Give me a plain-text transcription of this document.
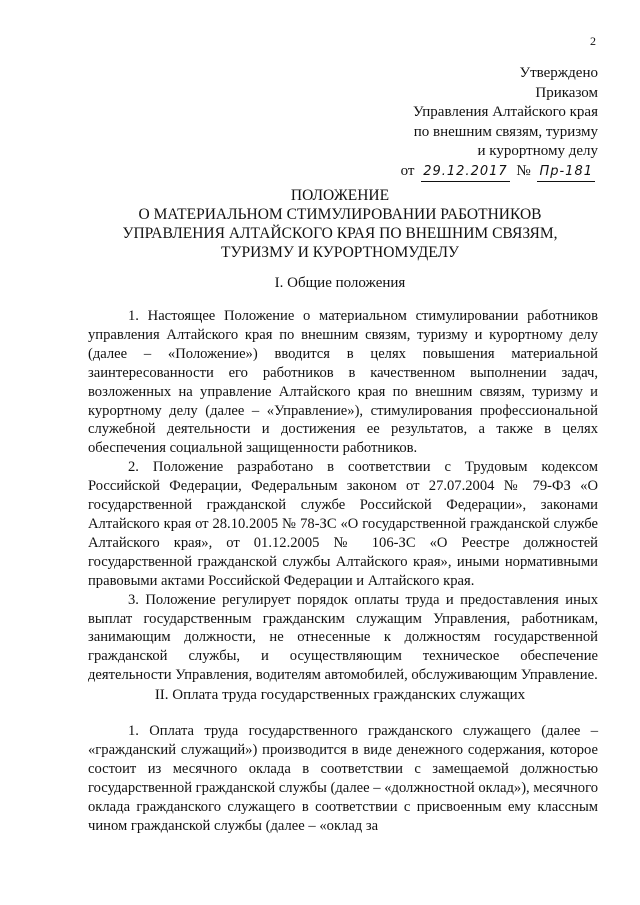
2
Утверждено
Приказом
Управления Алтайского края
по внешним связям, туризму
и курортному делу
от 29.12.2017 № Пр-181
ПОЛОЖЕНИЕ
О МАТЕРИАЛЬНОМ СТИМУЛИРОВАНИИ РАБОТНИКОВ
УПРАВЛЕНИЯ АЛТАЙСКОГО КРАЯ ПО ВНЕШНИМ СВЯЗЯМ,
ТУРИЗМУ И КУРОРТНОМУДЕЛУ
I. Общие положения

1. Настоящее Положение о материальном стимулировании работников управления Алтайского края по внешним связям, туризму и курортному делу (далее – «Положение») вводится в целях повышения материальной заинтересованности его работников в качественном выполнении задач, возложенных на управление Алтайского края по внешним связям, туризму и курортному делу (далее – «Управление»), стимулирования профессиональной служебной деятельности и достижения ее результатов, а также в целях обеспечения социальной защищенности работников.

2. Положение разработано в соответствии с Трудовым кодексом Российской Федерации, Федеральным законом от 27.07.2004 № 79-ФЗ «О государственной гражданской службе Российской Федерации», законами Алтайского края от 28.10.2005 № 78-ЗС «О государственной гражданской службе Алтайского края», от 01.12.2005 № 106-ЗС «О Реестре должностей государственной гражданской службы Алтайского края», иными нормативными правовыми актами Российской Федерации и Алтайского края.

3. Положение регулирует порядок оплаты труда и предоставления иных выплат государственным гражданским служащим Управления, работникам, занимающим должности, не отнесенные к должностям государственной гражданской службы, и осуществляющим техническое обеспечение деятельности Управления, водителям автомобилей, обслуживающим Управление.

II. Оплата труда государственных гражданских служащих

1. Оплата труда государственного гражданского служащего (далее – «гражданский служащий») производится в виде денежного содержания, которое состоит из месячного оклада в соответствии с замещаемой должностью государственной гражданской службы (далее – «должностной оклад»), месячного оклада гражданского служащего в соответствии с присвоенным ему классным чином гражданской службы (далее – «оклад за
